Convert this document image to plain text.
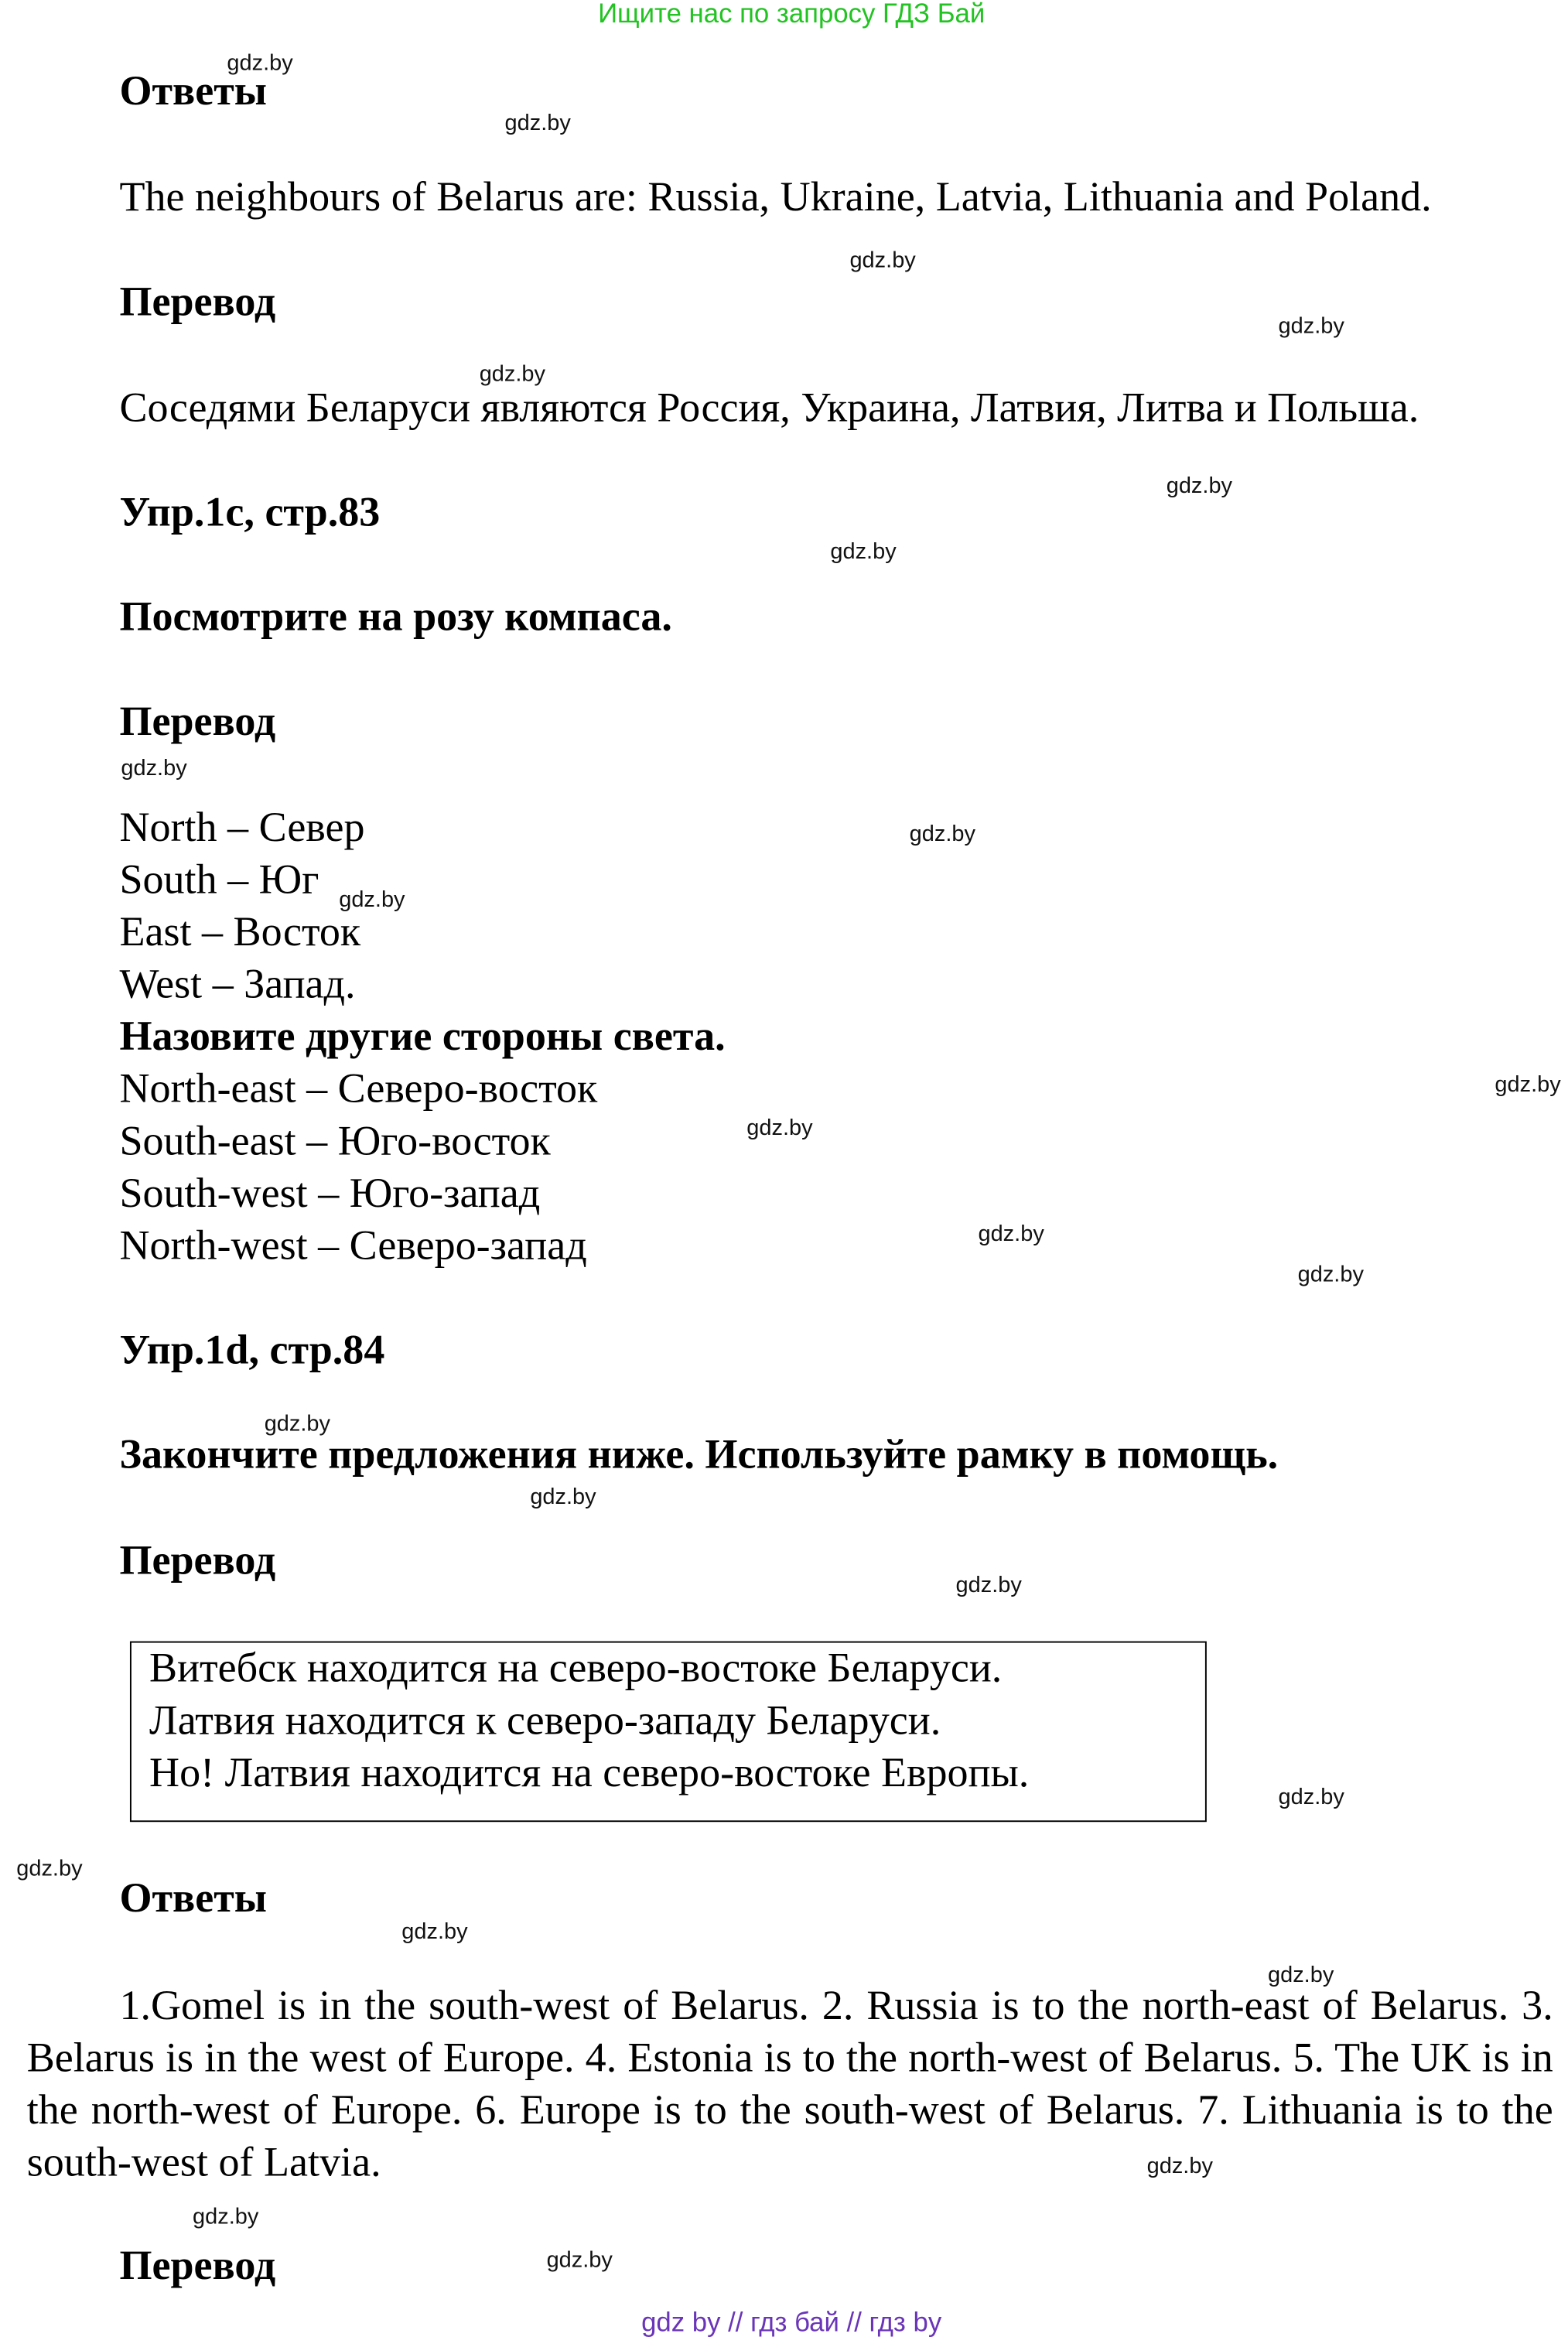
Ищите нас по запросу ГДЗ Бай
Ответы
The neighbours of Belarus are: Russia, Ukraine, Latvia, Lithuania and Poland.
Перевод
Соседями Беларуси являются Россия, Украина, Латвия, Литва и Польша.
Упр.1с, стр.83
Посмотрите на розу компаса.
Перевод
North – Север
South – Юг
East – Восток
West – Запад.
Назовите другие стороны света.
North-east – Северо-восток
South-east – Юго-восток
South-west – Юго-запад
North-west – Северо-запад
Упр.1d, стр.84
Закончите предложения ниже. Используйте рамку в помощь.
Перевод
Витебск находится на северо-востоке Беларуси.
Латвия находится к северо-западу Беларуси.
Но! Латвия находится на северо-востоке Европы.
Ответы
1.Gomel is in the south-west of Belarus. 2. Russia is to the north-east of Belarus. 3. Belarus is in the west of Europe. 4. Estonia is to the north-west of Belarus. 5. The UK is in the north-west of Europe. 6. Europe is to the south-west of Belarus. 7. Lithuania is to the south-west of Latvia.
Перевод
gdz by // гдз бай // гдз by
gdz.by
gdz.by
gdz.by
gdz.by
gdz.by
gdz.by
gdz.by
gdz.by
gdz.by
gdz.by
gdz.by
gdz.by
gdz.by
gdz.by
gdz.by
gdz.by
gdz.by
gdz.by
gdz.by
gdz.by
gdz.by
gdz.by
gdz.by
gdz.by
